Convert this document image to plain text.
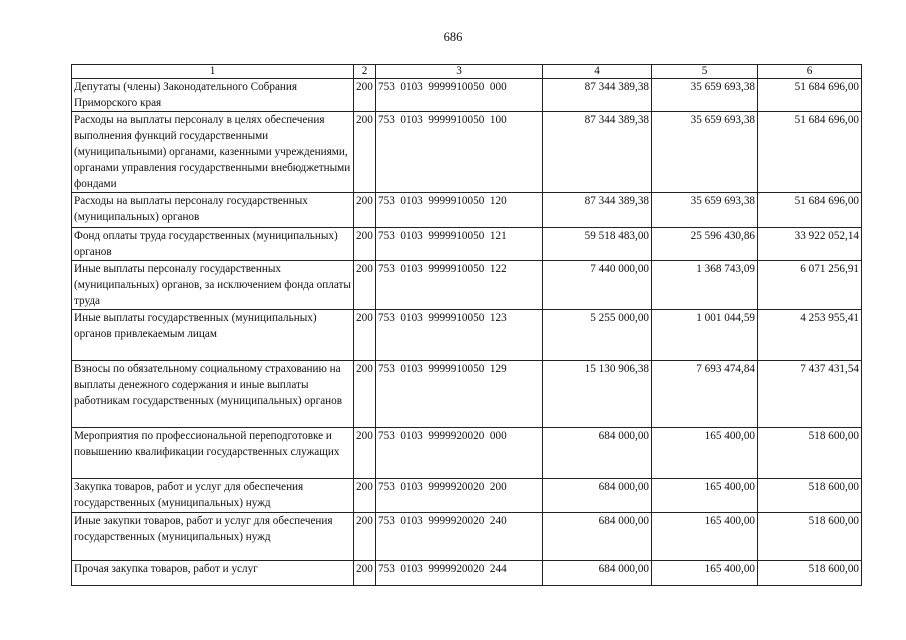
686
1	2	3	4	5	6
Депутаты (члены) Законодательного Собрания Приморского края	200	753  0103  9999910050  000	87 344 389,38	35 659 693,38	51 684 696,00
Расходы на выплаты персоналу в целях обеспечения выполнения функций государственными (муниципальными) органами, казенными учреждениями, органами управления государственными внебюджетными фондами	200	753  0103  9999910050  100	87 344 389,38	35 659 693,38	51 684 696,00
Расходы на выплаты персоналу государственных (муниципальных) органов	200	753  0103  9999910050  120	87 344 389,38	35 659 693,38	51 684 696,00
Фонд оплаты труда государственных (муниципальных) органов	200	753  0103  9999910050  121	59 518 483,00	25 596 430,86	33 922 052,14
Иные выплаты персоналу государственных (муниципальных) органов, за исключением фонда оплаты труда	200	753  0103  9999910050  122	7 440 000,00	1 368 743,09	6 071 256,91
Иные выплаты государственных (муниципальных) органов привлекаемым лицам	200	753  0103  9999910050  123	5 255 000,00	1 001 044,59	4 253 955,41
Взносы по обязательному социальному страхованию на выплаты денежного содержания и иные выплаты работникам государственных (муниципальных) органов	200	753  0103  9999910050  129	15 130 906,38	7 693 474,84	7 437 431,54
Мероприятия по профессиональной переподготовке и повышению квалификации государственных служащих	200	753  0103  9999920020  000	684 000,00	165 400,00	518 600,00
Закупка товаров, работ и услуг для обеспечения государственных (муниципальных) нужд	200	753  0103  9999920020  200	684 000,00	165 400,00	518 600,00
Иные закупки товаров, работ и услуг для обеспечения государственных (муниципальных) нужд	200	753  0103  9999920020  240	684 000,00	165 400,00	518 600,00
Прочая закупка товаров, работ и услуг	200	753  0103  9999920020  244	684 000,00	165 400,00	518 600,00
